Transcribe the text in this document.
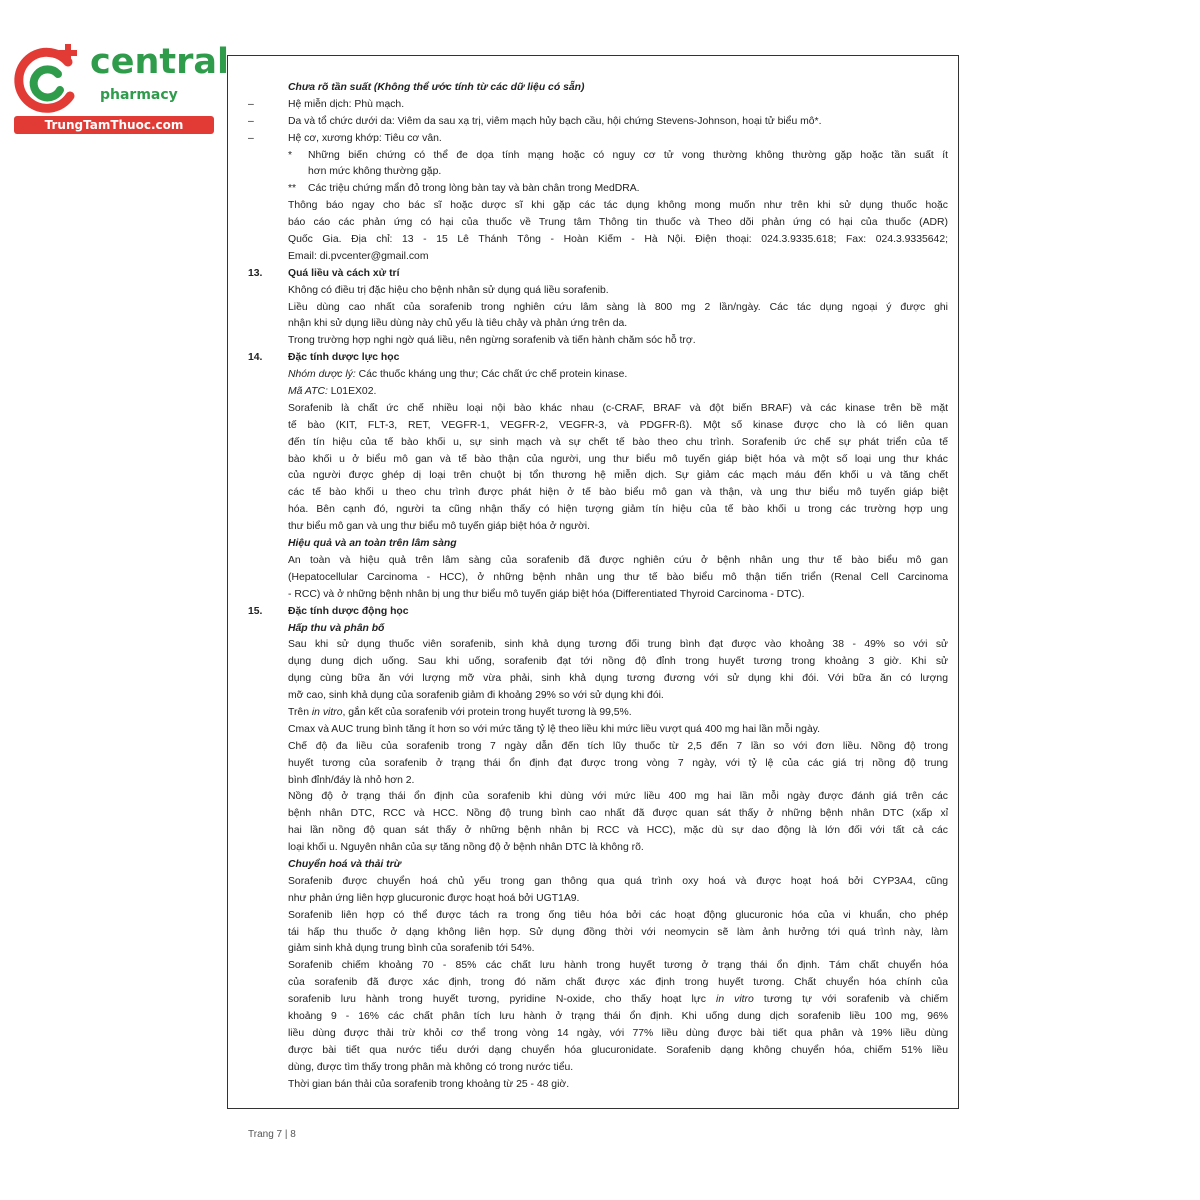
central
pharmacy
TrungTamThuoc.com
Chưa rõ tần suất (Không thể ước tính từ các dữ liệu có sẵn)
–	Hệ miễn dịch: Phù mạch.
–	Da và tổ chức dưới da: Viêm da sau xạ trị, viêm mạch hủy bạch cầu, hội chứng Stevens-Johnson, hoại tử biểu mô*.
–	Hệ cơ, xương khớp: Tiêu cơ vân.
*	Những biến chứng có thể đe dọa tính mạng hoặc có nguy cơ tử vong thường không thường gặp hoặc tần suất ít
hơn mức không thường gặp.
**	Các triệu chứng mẩn đỏ trong lòng bàn tay và bàn chân trong MedDRA.
Thông báo ngay cho bác sĩ hoặc dược sĩ khi gặp các tác dụng không mong muốn như trên khi sử dụng thuốc hoặc
báo cáo các phản ứng có hại của thuốc về Trung tâm Thông tin thuốc và Theo dõi phản ứng có hại của thuốc (ADR)
Quốc Gia. Địa chỉ: 13 - 15 Lê Thánh Tông - Hoàn Kiếm - Hà Nội. Điện thoại: 024.3.9335.618; Fax: 024.3.9335642;
Email: di.pvcenter@gmail.com
13. Quá liều và cách xử trí
Không có điều trị đặc hiệu cho bệnh nhân sử dụng quá liều sorafenib.
Liều dùng cao nhất của sorafenib trong nghiên cứu lâm sàng là 800 mg 2 lần/ngày. Các tác dụng ngoại ý được ghi
nhận khi sử dụng liều dùng này chủ yếu là tiêu chảy và phản ứng trên da.
Trong trường hợp nghi ngờ quá liều, nên ngừng sorafenib và tiến hành chăm sóc hỗ trợ.
14. Đặc tính dược lực học
Nhóm dược lý: Các thuốc kháng ung thư; Các chất ức chế protein kinase.
Mã ATC: L01EX02.
Sorafenib là chất ức chế nhiều loại nội bào khác nhau (c-CRAF, BRAF và đột biến BRAF) và các kinase trên bề mặt
tế bào (KIT, FLT-3, RET, VEGFR-1, VEGFR-2, VEGFR-3, và PDGFR-ß). Một số kinase được cho là có liên quan
đến tín hiệu của tế bào khối u, sự sinh mạch và sự chết tế bào theo chu trình. Sorafenib ức chế sự phát triển của tế
bào khối u ở biểu mô gan và tế bào thận của người, ung thư biểu mô tuyến giáp biệt hóa và một số loại ung thư khác
của người được ghép dị loại trên chuột bị tổn thương hệ miễn dịch. Sự giảm các mạch máu đến khối u và tăng chết
các tế bào khối u theo chu trình được phát hiện ở tế bào biểu mô gan và thận, và ung thư biểu mô tuyến giáp biệt
hóa. Bên cạnh đó, người ta cũng nhận thấy có hiện tượng giảm tín hiệu của tế bào khối u trong các trường hợp ung
thư biểu mô gan và ung thư biểu mô tuyến giáp biệt hóa ở người.
Hiệu quả và an toàn trên lâm sàng
An toàn và hiệu quả trên lâm sàng của sorafenib đã được nghiên cứu ở bệnh nhân ung thư tế bào biểu mô gan
(Hepatocellular Carcinoma - HCC), ở những bệnh nhân ung thư tế bào biểu mô thận tiến triển (Renal Cell Carcinoma
- RCC) và ở những bệnh nhân bị ung thư biểu mô tuyến giáp biệt hóa (Differentiated Thyroid Carcinoma - DTC).
15. Đặc tính dược động học
Hấp thu và phân bố
Sau khi sử dụng thuốc viên sorafenib, sinh khả dụng tương đối trung bình đạt được vào khoảng 38 - 49% so với sử
dụng dung dịch uống. Sau khi uống, sorafenib đạt tới nồng độ đỉnh trong huyết tương trong khoảng 3 giờ. Khi sử
dụng cùng bữa ăn với lượng mỡ vừa phải, sinh khả dụng tương đương với sử dụng khi đói. Với bữa ăn có lượng
mỡ cao, sinh khả dụng của sorafenib giảm đi khoảng 29% so với sử dụng khi đói.
Trên in vitro, gắn kết của sorafenib với protein trong huyết tương là 99,5%.
Cmax và AUC trung bình tăng ít hơn so với mức tăng tỷ lệ theo liều khi mức liều vượt quá 400 mg hai lần mỗi ngày.
Chế độ đa liều của sorafenib trong 7 ngày dẫn đến tích lũy thuốc từ 2,5 đến 7 lần so với đơn liều. Nồng độ trong
huyết tương của sorafenib ở trạng thái ổn định đạt được trong vòng 7 ngày, với tỷ lệ của các giá trị nồng độ trung
bình đỉnh/đáy là nhỏ hơn 2.
Nồng độ ở trạng thái ổn định của sorafenib khi dùng với mức liều 400 mg hai lần mỗi ngày được đánh giá trên các
bệnh nhân DTC, RCC và HCC. Nồng độ trung bình cao nhất đã được quan sát thấy ở những bệnh nhân DTC (xấp xỉ
hai lần nồng độ quan sát thấy ở những bệnh nhân bị RCC và HCC), mặc dù sự dao động là lớn đối với tất cả các
loại khối u. Nguyên nhân của sự tăng nồng độ ở bệnh nhân DTC là không rõ.
Chuyển hoá và thải trừ
Sorafenib được chuyển hoá chủ yếu trong gan thông qua quá trình oxy hoá và được hoạt hoá bởi CYP3A4, cũng
như phản ứng liên hợp glucuronic được hoạt hoá bởi UGT1A9.
Sorafenib liên hợp có thể được tách ra trong ống tiêu hóa bởi các hoạt động glucuronic hóa của vi khuẩn, cho phép
tái hấp thu thuốc ở dạng không liên hợp. Sử dụng đồng thời với neomycin sẽ làm ảnh hưởng tới quá trình này, làm
giảm sinh khả dụng trung bình của sorafenib tới 54%.
Sorafenib chiếm khoảng 70 - 85% các chất lưu hành trong huyết tương ở trạng thái ổn định. Tám chất chuyển hóa
của sorafenib đã được xác định, trong đó năm chất được xác định trong huyết tương. Chất chuyển hóa chính của
sorafenib lưu hành trong huyết tương, pyridine N-oxide, cho thấy hoạt lực in vitro tương tự với sorafenib và chiếm
khoảng 9 - 16% các chất phân tích lưu hành ở trạng thái ổn định. Khi uống dung dịch sorafenib liều 100 mg, 96%
liều dùng được thải trừ khỏi cơ thể trong vòng 14 ngày, với 77% liều dùng được bài tiết qua phân và 19% liều dùng
được bài tiết qua nước tiểu dưới dạng chuyển hóa glucuronidate. Sorafenib dạng không chuyển hóa, chiếm 51% liều
dùng, được tìm thấy trong phân mà không có trong nước tiểu.
Thời gian bán thải của sorafenib trong khoảng từ 25 - 48 giờ.
Trang 7 | 8
